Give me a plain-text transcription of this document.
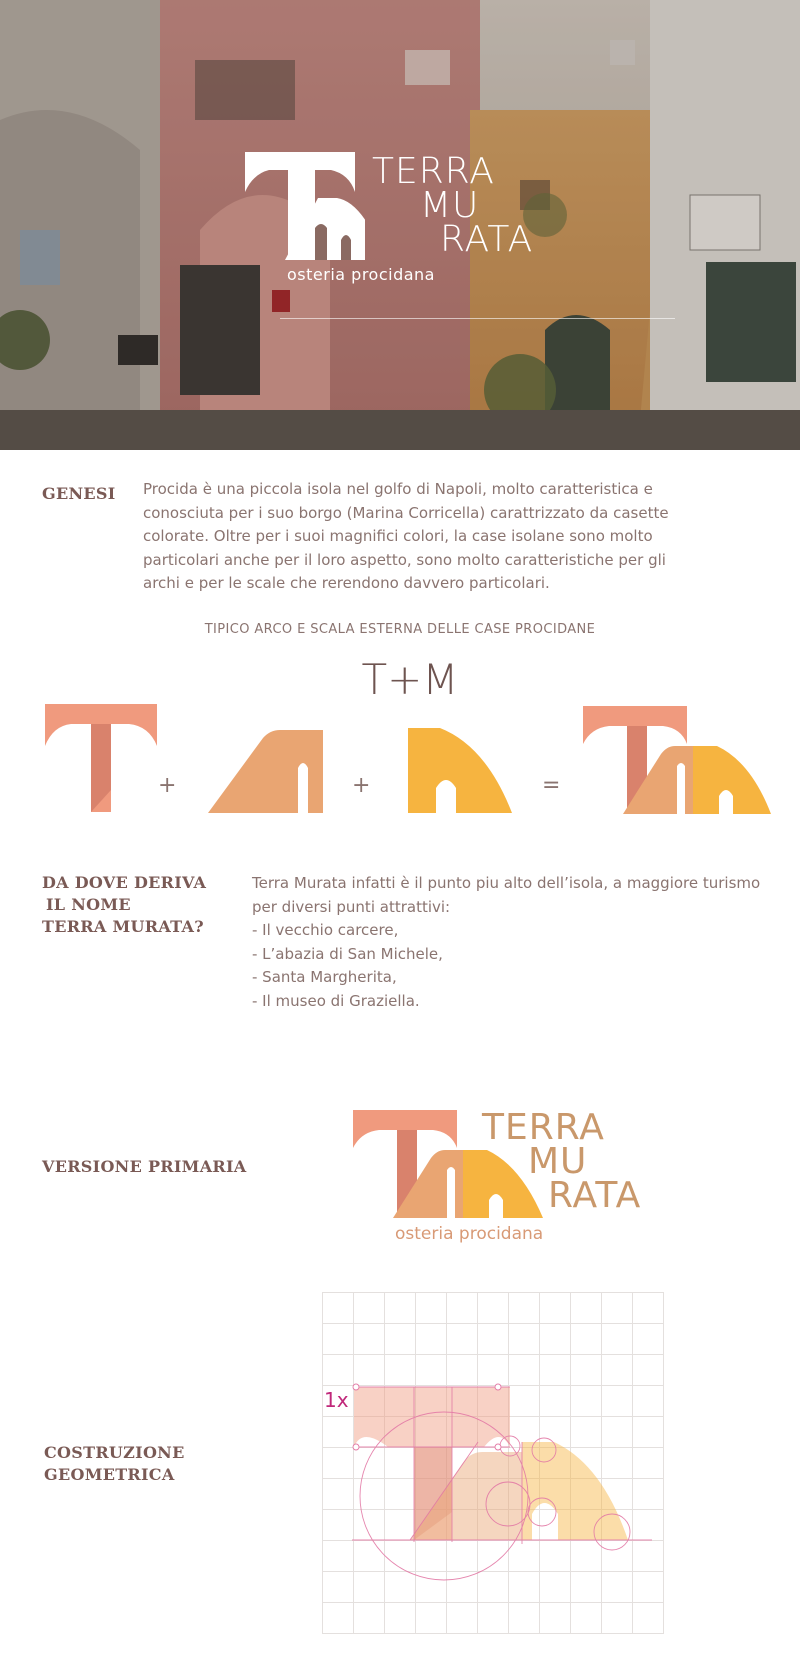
TERRA
MU
RATA
osteria procidana
GENESI Procida è una piccola isola nel golfo di Napoli, molto caratteristica e
conosciuta per i suo borgo (Marina Corricella) carattrizzato da casette
colorate. Oltre per i suoi magnifici colori, la case isolane sono molto
particolari anche per il loro aspetto, sono molto caratteristiche per gli
archi e per le scale che rerendono davvero particolari.
TIPICO ARCO E SCALA ESTERNA DELLE CASE PROCIDANE
T+M
+	+	=
DA DOVE DERIVA
IL NOME
TERRA MURATA?
Terra Murata infatti è il punto piu alto dell’isola, a maggiore turismo
per diversi punti attrattivi:
- Il vecchio carcere,
- L’abazia di San Michele,
- Santa Margherita,
- Il museo di Graziella.
VERSIONE PRIMARIA
TERRA
MU
RATA
osteria procidana
COSTRUZIONE
GEOMETRICA
1x
